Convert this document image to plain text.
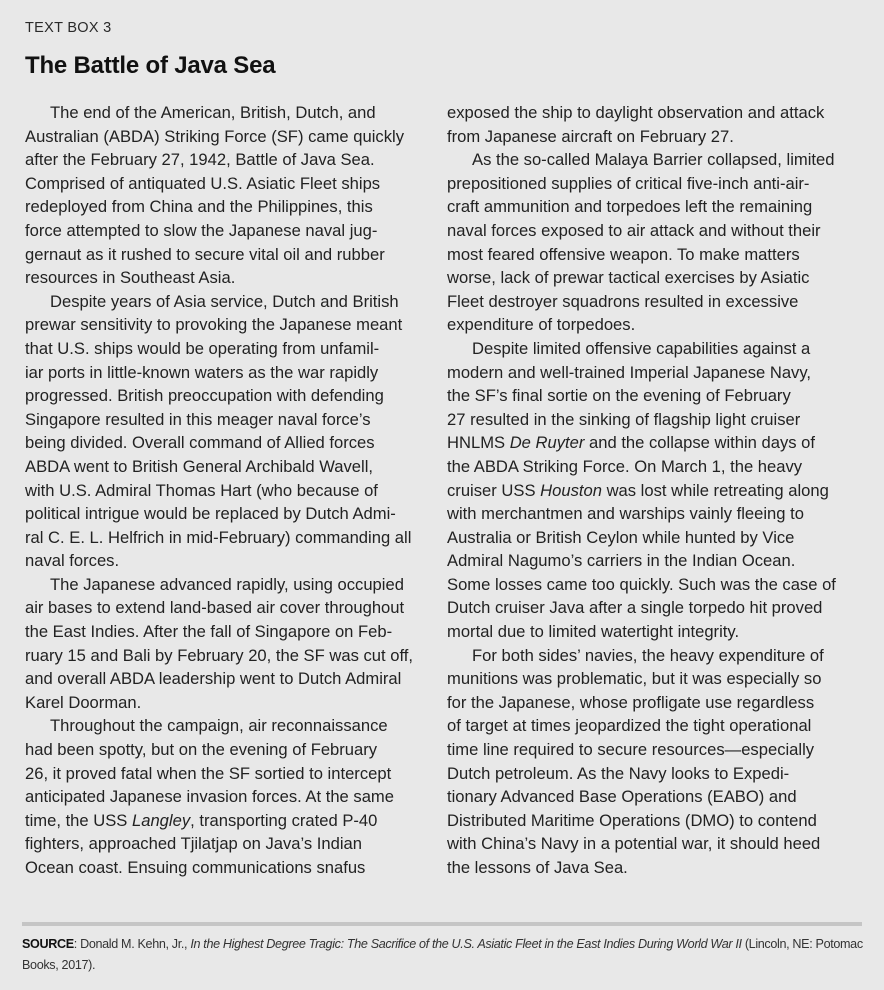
TEXT BOX 3
The Battle of Java Sea

The end of the American, British, Dutch, and
Australian (ABDA) Striking Force (SF) came quickly
after the February 27, 1942, Battle of Java Sea.
Comprised of antiquated U.S. Asiatic Fleet ships
redeployed from China and the Philippines, this
force attempted to slow the Japanese naval jug-
gernaut as it rushed to secure vital oil and rubber
resources in Southeast Asia.

Despite years of Asia service, Dutch and British
prewar sensitivity to provoking the Japanese meant
that U.S. ships would be operating from unfamil-
iar ports in little-known waters as the war rapidly
progressed. British preoccupation with defending
Singapore resulted in this meager naval force’s
being divided. Overall command of Allied forces
ABDA went to British General Archibald Wavell,
with U.S. Admiral Thomas Hart (who because of
political intrigue would be replaced by Dutch Admi-
ral C. E. L. Helfrich in mid-February) commanding all
naval forces.

The Japanese advanced rapidly, using occupied
air bases to extend land-based air cover throughout
the East Indies. After the fall of Singapore on Feb-
ruary 15 and Bali by February 20, the SF was cut off,
and overall ABDA leadership went to Dutch Admiral
Karel Doorman.

Throughout the campaign, air reconnaissance
had been spotty, but on the evening of February
26, it proved fatal when the SF sortied to intercept
anticipated Japanese invasion forces. At the same
time, the USS Langley, transporting crated P-40
fighters, approached Tjilatjap on Java’s Indian
Ocean coast. Ensuing communications snafus

exposed the ship to daylight observation and attack
from Japanese aircraft on February 27.

As the so-called Malaya Barrier collapsed, limited
prepositioned supplies of critical five-inch anti-air-
craft ammunition and torpedoes left the remaining
naval forces exposed to air attack and without their
most feared offensive weapon. To make matters
worse, lack of prewar tactical exercises by Asiatic
Fleet destroyer squadrons resulted in excessive
expenditure of torpedoes.

Despite limited offensive capabilities against a
modern and well-trained Imperial Japanese Navy,
the SF’s final sortie on the evening of February
27 resulted in the sinking of flagship light cruiser
HNLMS De Ruyter and the collapse within days of
the ABDA Striking Force. On March 1, the heavy
cruiser USS Houston was lost while retreating along
with merchantmen and warships vainly fleeing to
Australia or British Ceylon while hunted by Vice
Admiral Nagumo’s carriers in the Indian Ocean.
Some losses came too quickly. Such was the case of
Dutch cruiser Java after a single torpedo hit proved
mortal due to limited watertight integrity.

For both sides’ navies, the heavy expenditure of
munitions was problematic, but it was especially so
for the Japanese, whose profligate use regardless
of target at times jeopardized the tight operational
time line required to secure resources—especially
Dutch petroleum. As the Navy looks to Expedi-
tionary Advanced Base Operations (EABO) and
Distributed Maritime Operations (DMO) to contend
with China’s Navy in a potential war, it should heed
the lessons of Java Sea.

SOURCE: Donald M. Kehn, Jr., In the Highest Degree Tragic: The Sacrifice of the U.S. Asiatic Fleet in the East Indies During World War II (Lincoln, NE: Potomac Books, 2017).
